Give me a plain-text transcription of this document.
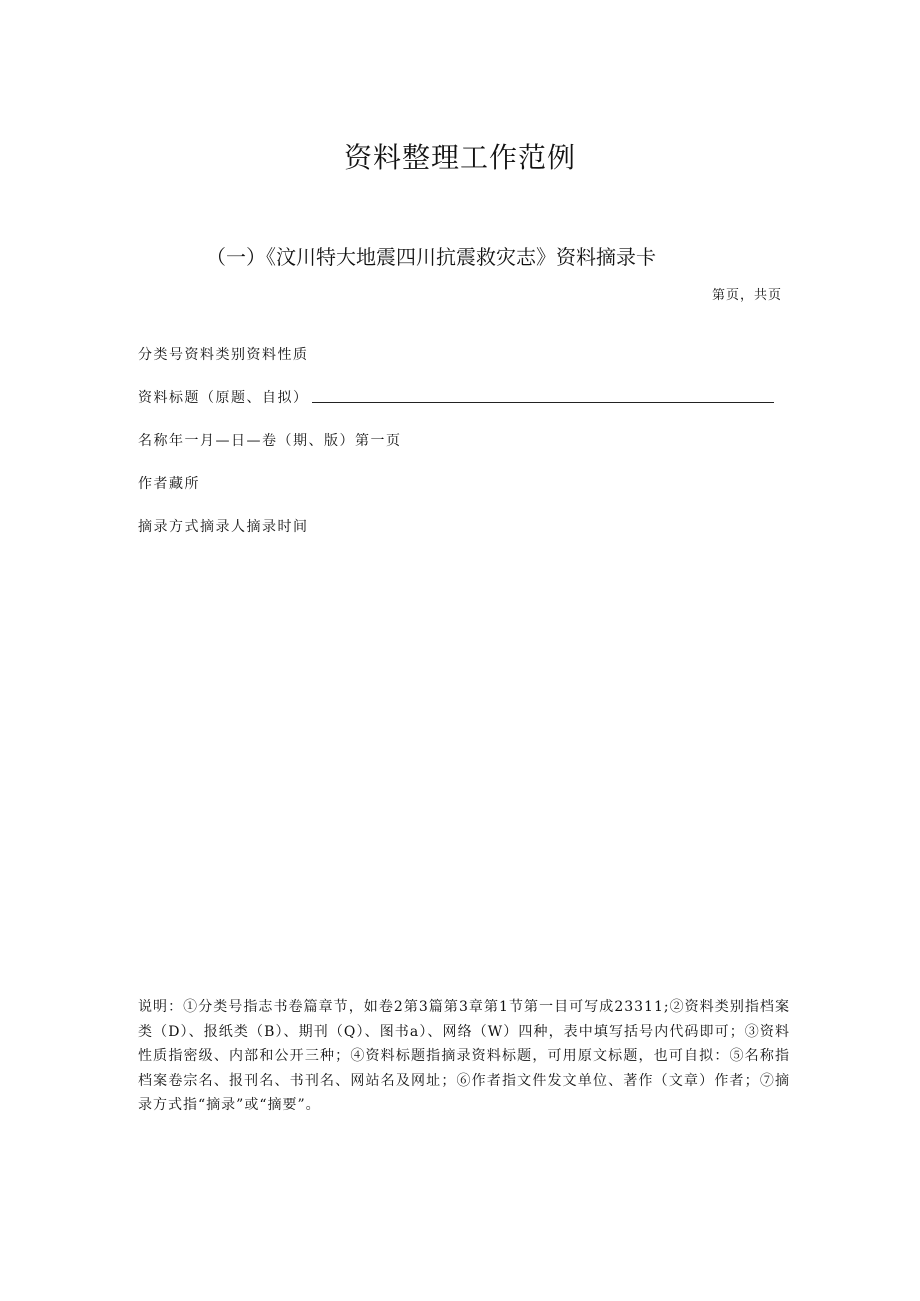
资料整理工作范例
（一）《汶川特大地震四川抗震救灾志》资料摘录卡
第页，共页
分类号资料类别资料性质
资料标题（原题、自拟）
名称年一月—日—卷（期、版）第一页
作者藏所
摘录方式摘录人摘录时间
说明：①分类号指志书卷篇章节，如卷2第3篇第3章第1节第一目可写成23311;②资料类别指档案类（D）、报纸类（B）、期刊（Q）、图书a）、网络（W）四种，表中填写括号内代码即可；③资料性质指密级、内部和公开三种；④资料标题指摘录资料标题，可用原文标题，也可自拟：⑤名称指档案卷宗名、报刊名、书刊名、网站名及网址；⑥作者指文件发文单位、著作（文章）作者；⑦摘录方式指“摘录”或“摘要”。
